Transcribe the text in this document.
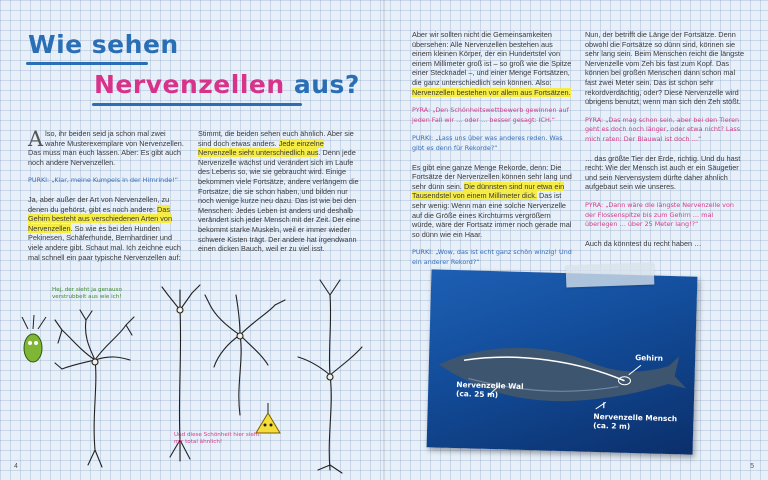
Wie sehen
Nervenzellen aus?

Also, ihr beiden seid ja schon mal zwei wahre Musterexemplare von Nervenzellen. Das muss man euch lassen. Aber: Es gibt auch noch andere Nervenzellen.

PURKI: „Klar, meine Kumpels in der Hirnrinde!“

Ja, aber außer der Art von Nervenzellen, zu denen du gehörst, gibt es noch andere: Das Gehirn besteht aus verschiedenen Arten von Nervenzellen. So wie es bei den Hunden Pekinesen, Schäferhunde, Bernhardiner und viele andere gibt. Schaut mal. Ich zeichne euch mal schnell ein paar typische Nervenzellen auf:

Stimmt, die beiden sehen euch ähnlich. Aber sie sind doch etwas anders. Jede einzelne Nervenzelle sieht unterschiedlich aus. Denn jede Nervenzelle wächst und verändert sich im Laufe des Lebens so, wie sie gebraucht wird. Einige bekommen viele Fortsätze, andere verlängern die Fortsätze, die sie schon haben, und bilden nur noch wenige kurze neu dazu. Das ist wie bei den Menschen: Jedes Leben ist anders und deshalb verändert sich jeder Mensch mit der Zeit. Der eine bekommt starke Muskeln, weil er immer wieder schwere Kisten trägt. Der andere hat irgendwann einen dicken Bauch, weil er zu viel isst.

Hej, der sieht ja genauso verstrubbelt aus wie ich!
Und diese Schönheit hier sieht mir total ähnlich!
4

Aber wir sollten nicht die Gemeinsamkeiten übersehen: Alle Nervenzellen bestehen aus einem kleinen Körper, der ein Hundertstel von einem Millimeter groß ist – so groß wie die Spitze einer Stecknadel –, und einer Menge Fortsätzen, die ganz unterschiedlich sein können. Also: Nervenzellen bestehen vor allem aus Fortsätzen.

PYRA: „Den Schönheitswettbewerb gewinnen auf jeden Fall wir … oder … besser gesagt: ICH.“

PURKI: „Lass uns über was anderes reden. Was gibt es denn für Rekorde?“

Es gibt eine ganze Menge Rekorde, denn: Die Fortsätze der Nervenzellen können sehr lang und sehr dünn sein. Die dünnsten sind nur etwa ein Tausendstel von einem Millimeter dick. Das ist sehr wenig: Wenn man eine solche Nervenzelle auf die Größe eines Kirchturms vergrößern würde, wäre der Fortsatz immer noch gerade mal so dünn wie ein Haar.

PURKI: „Wow, das ist echt ganz schön winzig! Und ein anderer Rekord?“

Nun, der betrifft die Länge der Fortsätze. Denn obwohl die Fortsätze so dünn sind, können sie sehr lang sein. Beim Menschen reicht die längste Nervenzelle vom Zeh bis fast zum Kopf. Das können bei großen Menschen dann schon mal fast zwei Meter sein. Das ist schon sehr rekordverdächtig, oder? Diese Nervenzelle wird übrigens benutzt, wenn man sich den Zeh stößt.

PYRA: „Das mag schon sein, aber bei den Tieren geht es doch noch länger, oder etwa nicht? Lass mich raten: Der Blauwal ist doch …“

… das größte Tier der Erde, richtig. Und du hast recht: Wie der Mensch ist auch er ein Säugetier und sein Nervensystem dürfte daher ähnlich aufgebaut sein wie unseres.

PYRA: „Dann wäre die längste Nervenzelle von der Flossenspitze bis zum Gehirn … mal überlegen … über 25 Meter lang!?“

Auch da könntest du recht haben …

Gehirn
Nervenzelle Wal
(ca. 25 m)
Nervenzelle Mensch
(ca. 2 m)
5
